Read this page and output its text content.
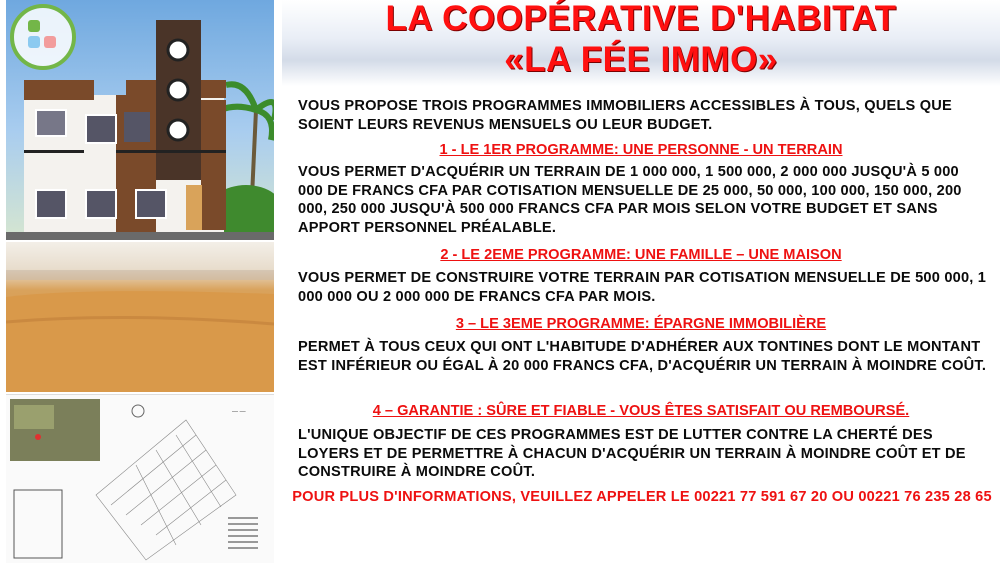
— —
LA COOPÉRATIVE D'HABITAT
«LA FÉE IMMO»
VOUS PROPOSE TROIS PROGRAMMES IMMOBILIERS ACCESSIBLES À TOUS, QUELS QUE SOIENT LEURS REVENUS MENSUELS OU LEUR BUDGET.
1 - LE 1ER PROGRAMME: UNE PERSONNE - UN TERRAIN
VOUS PERMET D'ACQUÉRIR UN TERRAIN DE 1 000 000, 1 500 000, 2 000 000 JUSQU'À 5 000 000 DE FRANCS CFA PAR COTISATION MENSUELLE DE 25 000, 50 000, 100 000, 150 000, 200 000, 250 000 JUSQU'À 500 000 FRANCS CFA PAR MOIS SELON VOTRE BUDGET ET SANS APPORT PERSONNEL PRÉALABLE.
2 - LE 2EME PROGRAMME: UNE FAMILLE – UNE MAISON
VOUS PERMET DE CONSTRUIRE VOTRE TERRAIN PAR COTISATION MENSUELLE DE 500 000, 1 000 000 OU 2 000 000 DE FRANCS CFA PAR MOIS.
3 – LE 3EME PROGRAMME: ÉPARGNE IMMOBILIÈRE
PERMET À TOUS CEUX QUI ONT L'HABITUDE D'ADHÉRER AUX TONTINES DONT LE MONTANT EST INFÉRIEUR OU ÉGAL À 20 000 FRANCS CFA, D'ACQUÉRIR UN TERRAIN À MOINDRE COÛT.
4 – GARANTIE : SÛRE ET FIABLE - VOUS ÊTES SATISFAIT OU REMBOURSÉ.
L'UNIQUE OBJECTIF DE CES PROGRAMMES EST DE LUTTER CONTRE LA CHERTÉ DES LOYERS ET DE PERMETTRE À CHACUN D'ACQUÉRIR UN TERRAIN À MOINDRE COÛT ET DE CONSTRUIRE À MOINDRE COÛT.
POUR PLUS D'INFORMATIONS, VEUILLEZ APPELER LE 00221 77 591 67 20 OU 00221 76 235 28 65
